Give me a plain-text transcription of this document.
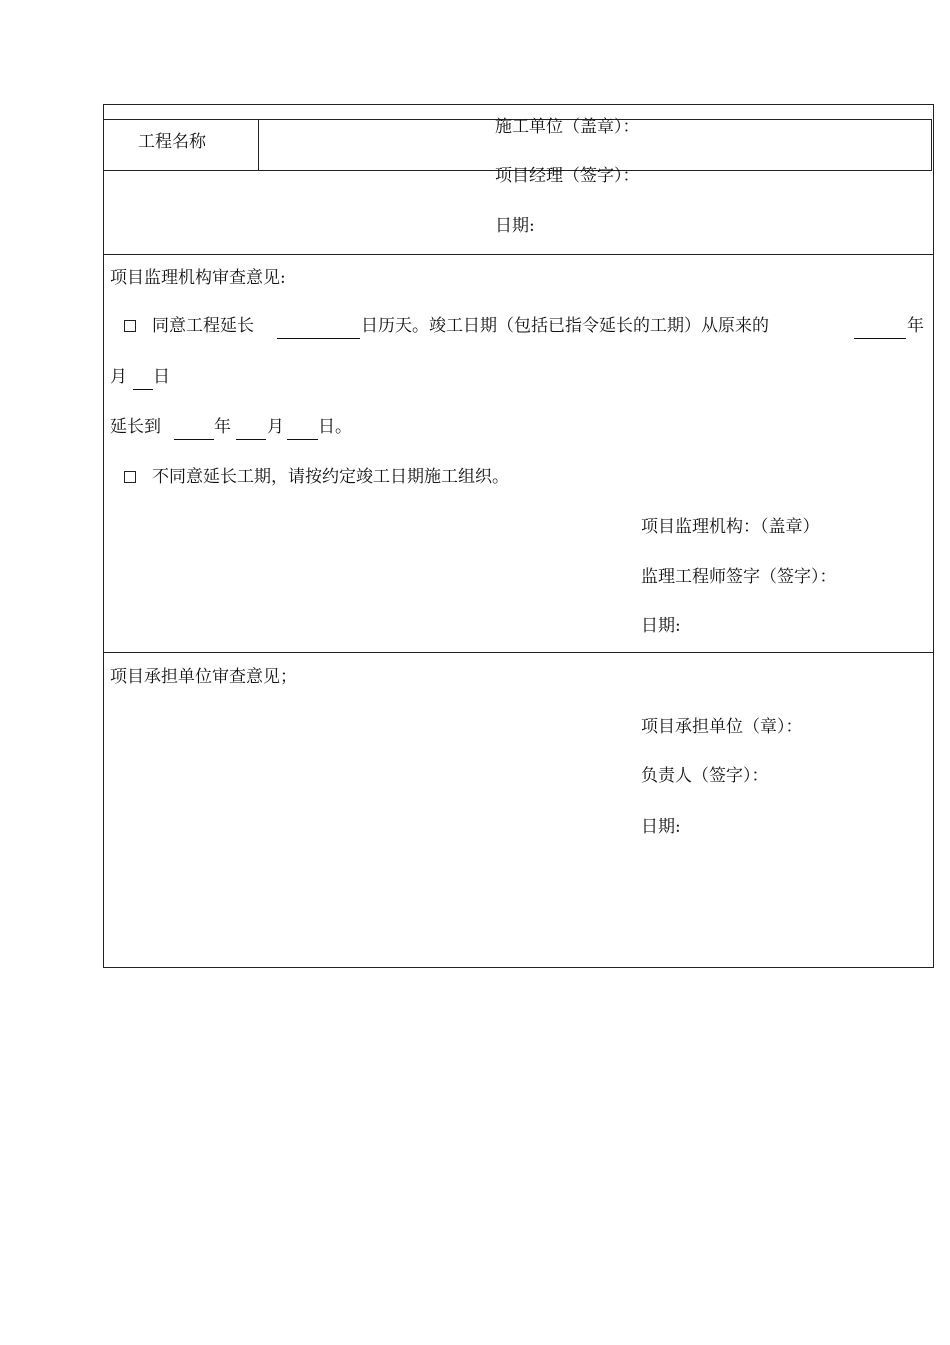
工程名称
施工单位（盖章）：
项目经理（签字）：
日期:
项目监理机构审查意见:
同意工程延长	日历天。竣工日期（包括已指令延长的工期）从原来的	年
月 日
延长到	年 月 日。
不同意延长工期，请按约定竣工日期施工组织。
项目监理机构：（盖章）
监理工程师签字（签字）：
日期:
项目承担单位审查意见；
项目承担单位（章）：
负责人（签字）：
日期:
